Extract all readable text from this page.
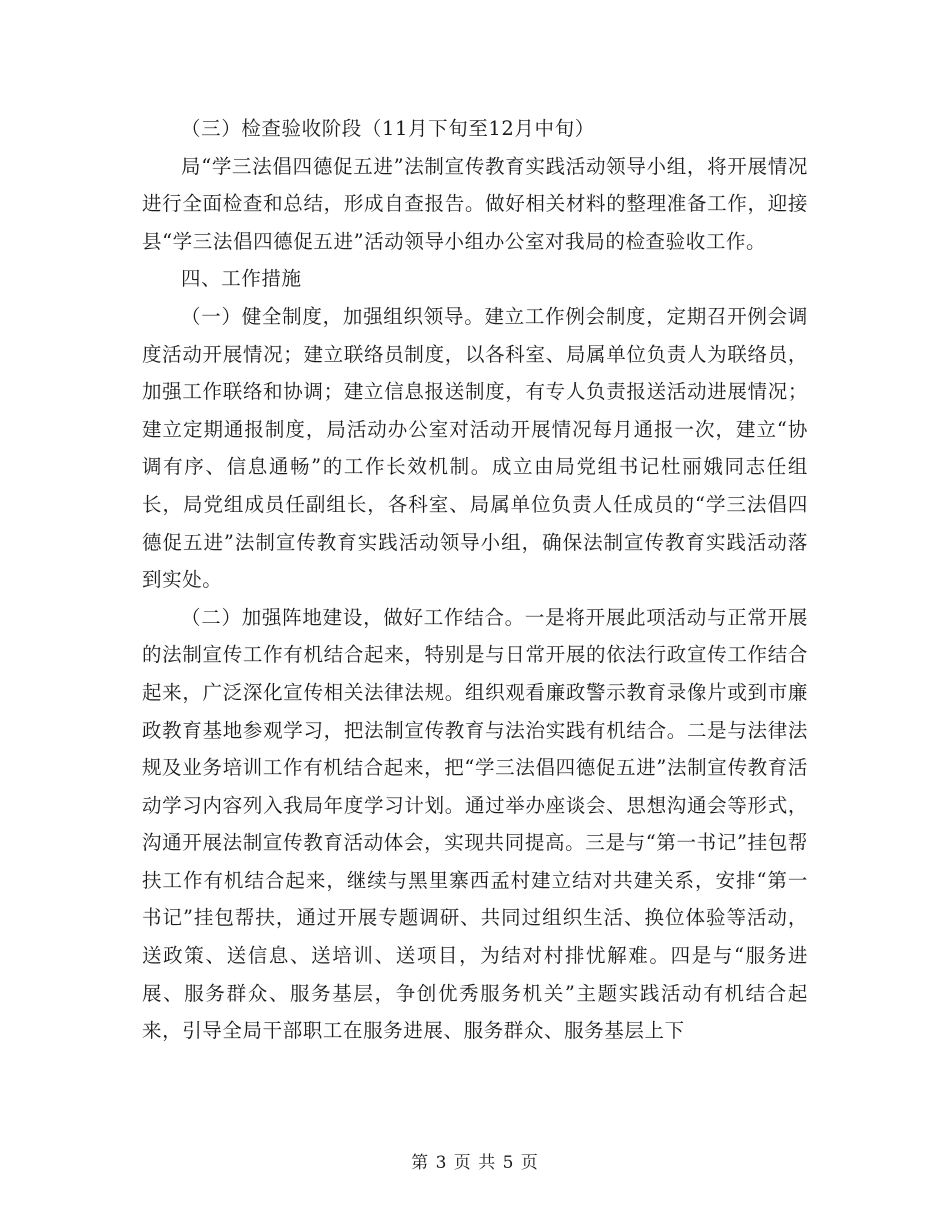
（三）检查验收阶段（11月下旬至12月中旬）

局“学三法倡四德促五进”法制宣传教育实践活动领导小组，将开展情况进行全面检查和总结，形成自查报告。做好相关材料的整理准备工作，迎接县“学三法倡四德促五进”活动领导小组办公室对我局的检查验收工作。

四、工作措施

（一）健全制度，加强组织领导。建立工作例会制度，定期召开例会调度活动开展情况；建立联络员制度，以各科室、局属单位负责人为联络员，加强工作联络和协调；建立信息报送制度，有专人负责报送活动进展情况；建立定期通报制度，局活动办公室对活动开展情况每月通报一次，建立“协调有序、信息通畅”的工作长效机制。成立由局党组书记杜丽娥同志任组长，局党组成员任副组长，各科室、局属单位负责人任成员的“学三法倡四德促五进”法制宣传教育实践活动领导小组，确保法制宣传教育实践活动落到实处。

（二）加强阵地建设，做好工作结合。一是将开展此项活动与正常开展的法制宣传工作有机结合起来，特别是与日常开展的依法行政宣传工作结合起来，广泛深化宣传相关法律法规。组织观看廉政警示教育录像片或到市廉政教育基地参观学习，把法制宣传教育与法治实践有机结合。二是与法律法规及业务培训工作有机结合起来，把“学三法倡四德促五进”法制宣传教育活动学习内容列入我局年度学习计划。通过举办座谈会、思想沟通会等形式，沟通开展法制宣传教育活动体会，实现共同提高。三是与“第一书记”挂包帮扶工作有机结合起来，继续与黑里寨西孟村建立结对共建关系，安排“第一书记”挂包帮扶，通过开展专题调研、共同过组织生活、换位体验等活动，送政策、送信息、送培训、送项目，为结对村排忧解难。四是与“服务进展、服务群众、服务基层，争创优秀服务机关”主题实践活动有机结合起来，引导全局干部职工在服务进展、服务群众、服务基层上下

第 3 页 共 5 页
